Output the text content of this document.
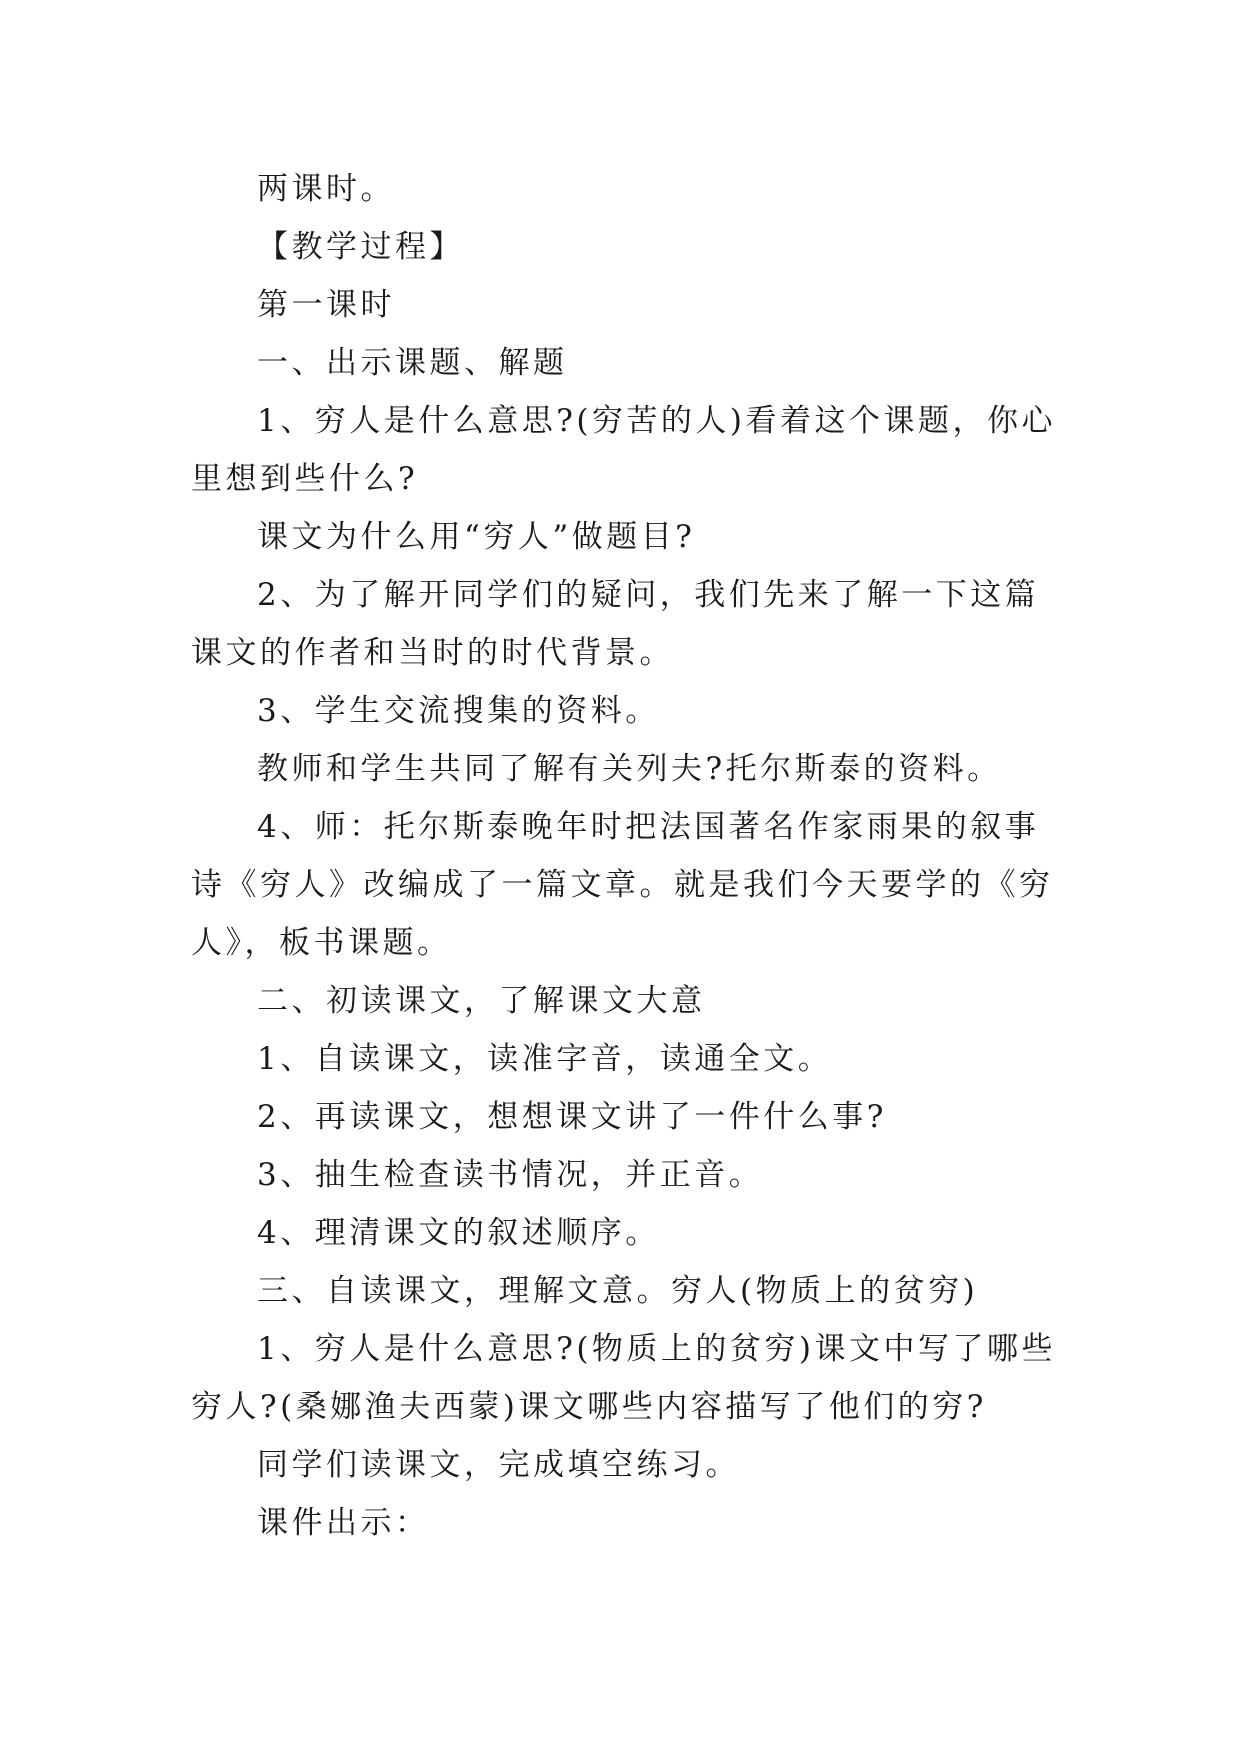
两课时。

【教学过程】

第一课时

一、出示课题、解题

1、穷人是什么意思?(穷苦的人)看着这个课题，你心里想到些什么?

课文为什么用“穷人”做题目?

2、为了解开同学们的疑问，我们先来了解一下这篇课文的作者和当时的时代背景。

3、学生交流搜集的资料。

教师和学生共同了解有关列夫?托尔斯泰的资料。

4、师：托尔斯泰晚年时把法国著名作家雨果的叙事诗《穷人》改编成了一篇文章。就是我们今天要学的《穷人》，板书课题。

二、初读课文，了解课文大意

1、自读课文，读准字音，读通全文。

2、再读课文，想想课文讲了一件什么事?

3、抽生检查读书情况，并正音。

4、理清课文的叙述顺序。

三、自读课文，理解文意。穷人(物质上的贫穷)

1、穷人是什么意思?(物质上的贫穷)课文中写了哪些穷人?(桑娜渔夫西蒙)课文哪些内容描写了他们的穷?

同学们读课文，完成填空练习。

课件出示：
